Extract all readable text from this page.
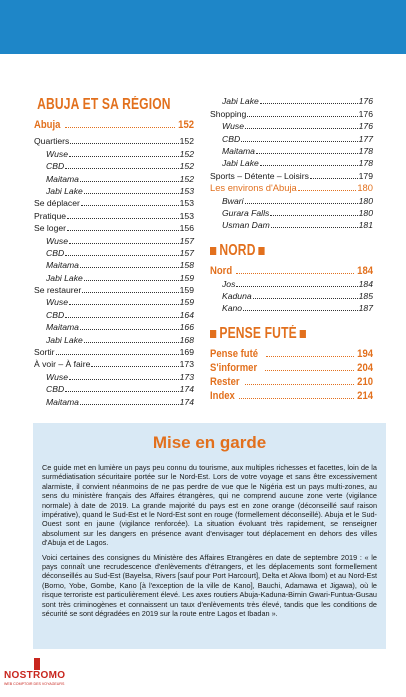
ABUJA ET SA RÉGION
Abuja	152
Quartiers	152
Wuse	152
CBD	152
Maitama	152
Jabi Lake	153
Se déplacer	153
Pratique	153
Se loger	156
Wuse	157
CBD	157
Maitama	158
Jabi Lake	159
Se restaurer	159
Wuse	159
CBD	164
Maitama	166
Jabi Lake	168
Sortir	169
À voir – À faire	173
Wuse	173
CBD	174
Maitama	174
Jabi Lake	176
Shopping	176
Wuse	176
CBD	177
Maitama	178
Jabi Lake	178
Sports – Détente – Loisirs	179
Les environs d'Abuja	180
Bwari	180
Gurara Falls	180
Usman Dam	181
NORD
Nord	184
Jos	184
Kaduna	185
Kano	187
PENSE FUTÉ
Pense futé	194
S'informer	204
Rester	210
Index	214
Mise en garde

Ce guide met en lumière un pays peu connu du tourisme, aux multiples richesses et facettes, loin de la surmédiatisation sécuritaire portée sur le Nord-Est. Lors de votre voyage et sans être excessivement alarmiste, il convient néanmoins de ne pas perdre de vue que le Nigéria est un pays multi-zones, au sens du ministère français des Affaires étrangères, qui ne comprend aucune zone verte (vigilance normale) à date de 2019. La grande majorité du pays est en zone orange (déconseillé sauf raison impérative), quand le Sud-Est et le Nord-Est sont en rouge (formellement déconseillé). Abuja et le Sud-Ouest sont en jaune (vigilance renforcée). La situation évoluant très rapidement, se renseigner absolument sur les dangers en présence avant d'envisager tout déplacement en dehors des villes d'Abuja et de Lagos.

Voici certaines des consignes du Ministère des Affaires Etrangères en date de septembre 2019 : « le pays connaît une recrudescence d'enlèvements d'étrangers, et les déplacements sont formellement déconseillés au Sud-Est (Bayelsa, Rivers [sauf pour Port Harcourt], Delta et Akwa Ibom) et au Nord-Est (Borno, Yobe, Gombe, Kano [à l'exception de la ville de Kano], Bauchi, Adamawa et Jigawa), où le risque terroriste est particulièrement élevé. Les axes routiers Abuja-Kaduna-Birnin Gwari-Funtua-Gusau sont très criminogènes et connaissent un taux d'enlèvements très élevé, tandis que les conditions de sécurité se sont dégradées en 2019 sur la route entre Lagos et Ibadan ».

NOSTROMO
WEB COMPTOIR DES VOYAGEURS
